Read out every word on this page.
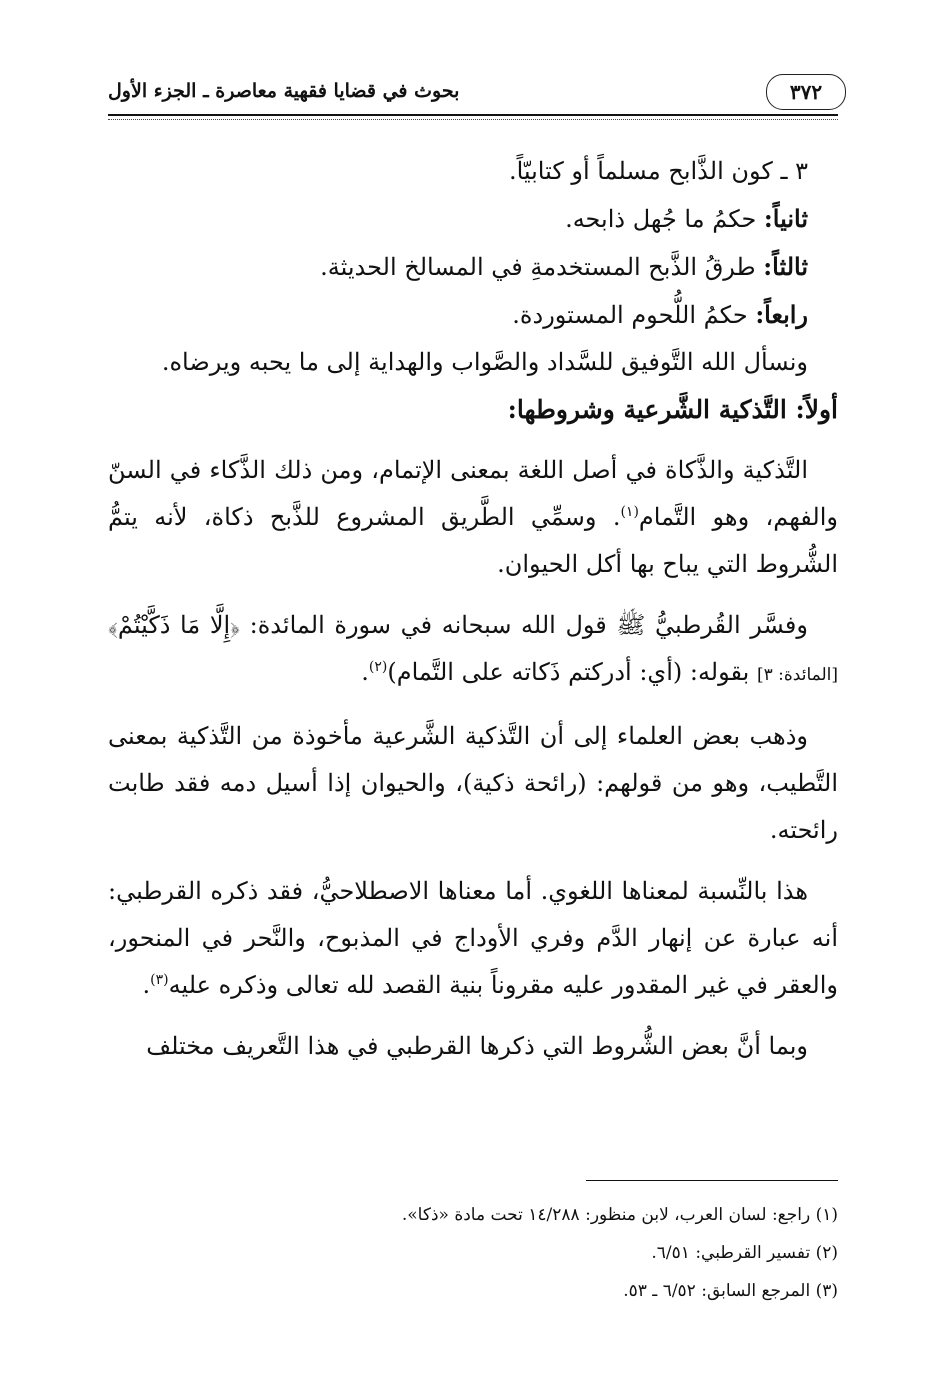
٣٧٢
بحوث في قضايا فقهية معاصرة ـ الجزء الأول

٣ ـ كون الذَّابح مسلماً أو كتابيّاً.

ثانياً: حكمُ ما جُهل ذابحه.

ثالثاً: طرقُ الذَّبح المستخدمةِ في المسالخ الحديثة.

رابعاً: حكمُ اللُّحوم المستوردة.

ونسأل الله التَّوفيق للسَّداد والصَّواب والهداية إلى ما يحبه ويرضاه.

أولاً: التَّذكية الشَّرعية وشروطها:

التَّذكية والذَّكاة في أصل اللغة بمعنى الإتمام، ومن ذلك الذَّكاء في السنّ والفهم، وهو التَّمام$^{(١)}$. وسمِّي الطَّريق المشروع للذَّبح ذكاة، لأنه يتمُّ الشُّروط التي يباح بها أكل الحيوان.

وفسَّر القُرطبيُّ ﷺ قول الله سبحانه في سورة المائدة: ﴿إِلَّا مَا ذَكَّيْتُمْ﴾ [المائدة: ٣] بقوله: (أي: أدركتم ذَكاته على التَّمام)$^{(٢)}$.

وذهب بعض العلماء إلى أن التَّذكية الشَّرعية مأخوذة من التَّذكية بمعنى التَّطيب، وهو من قولهم: (رائحة ذكية)، والحيوان إذا أسيل دمه فقد طابت رائحته.

هذا بالنِّسبة لمعناها اللغوي. أما معناها الاصطلاحيُّ، فقد ذكره القرطبي: أنه عبارة عن إنهار الدَّم وفري الأوداج في المذبوح، والنَّحر في المنحور، والعقر في غير المقدور عليه مقروناً بنية القصد لله تعالى وذكره عليه$^{(٣)}$.

وبما أنَّ بعض الشُّروط التي ذكرها القرطبي في هذا التَّعريف مختلف

(١) راجع: لسان العرب، لابن منظور: ١٤/٢٨٨ تحت مادة «ذكا».

(٢) تفسير القرطبي: ٦/٥١.

(٣) المرجع السابق: ٦/٥٢ ـ ٥٣.
